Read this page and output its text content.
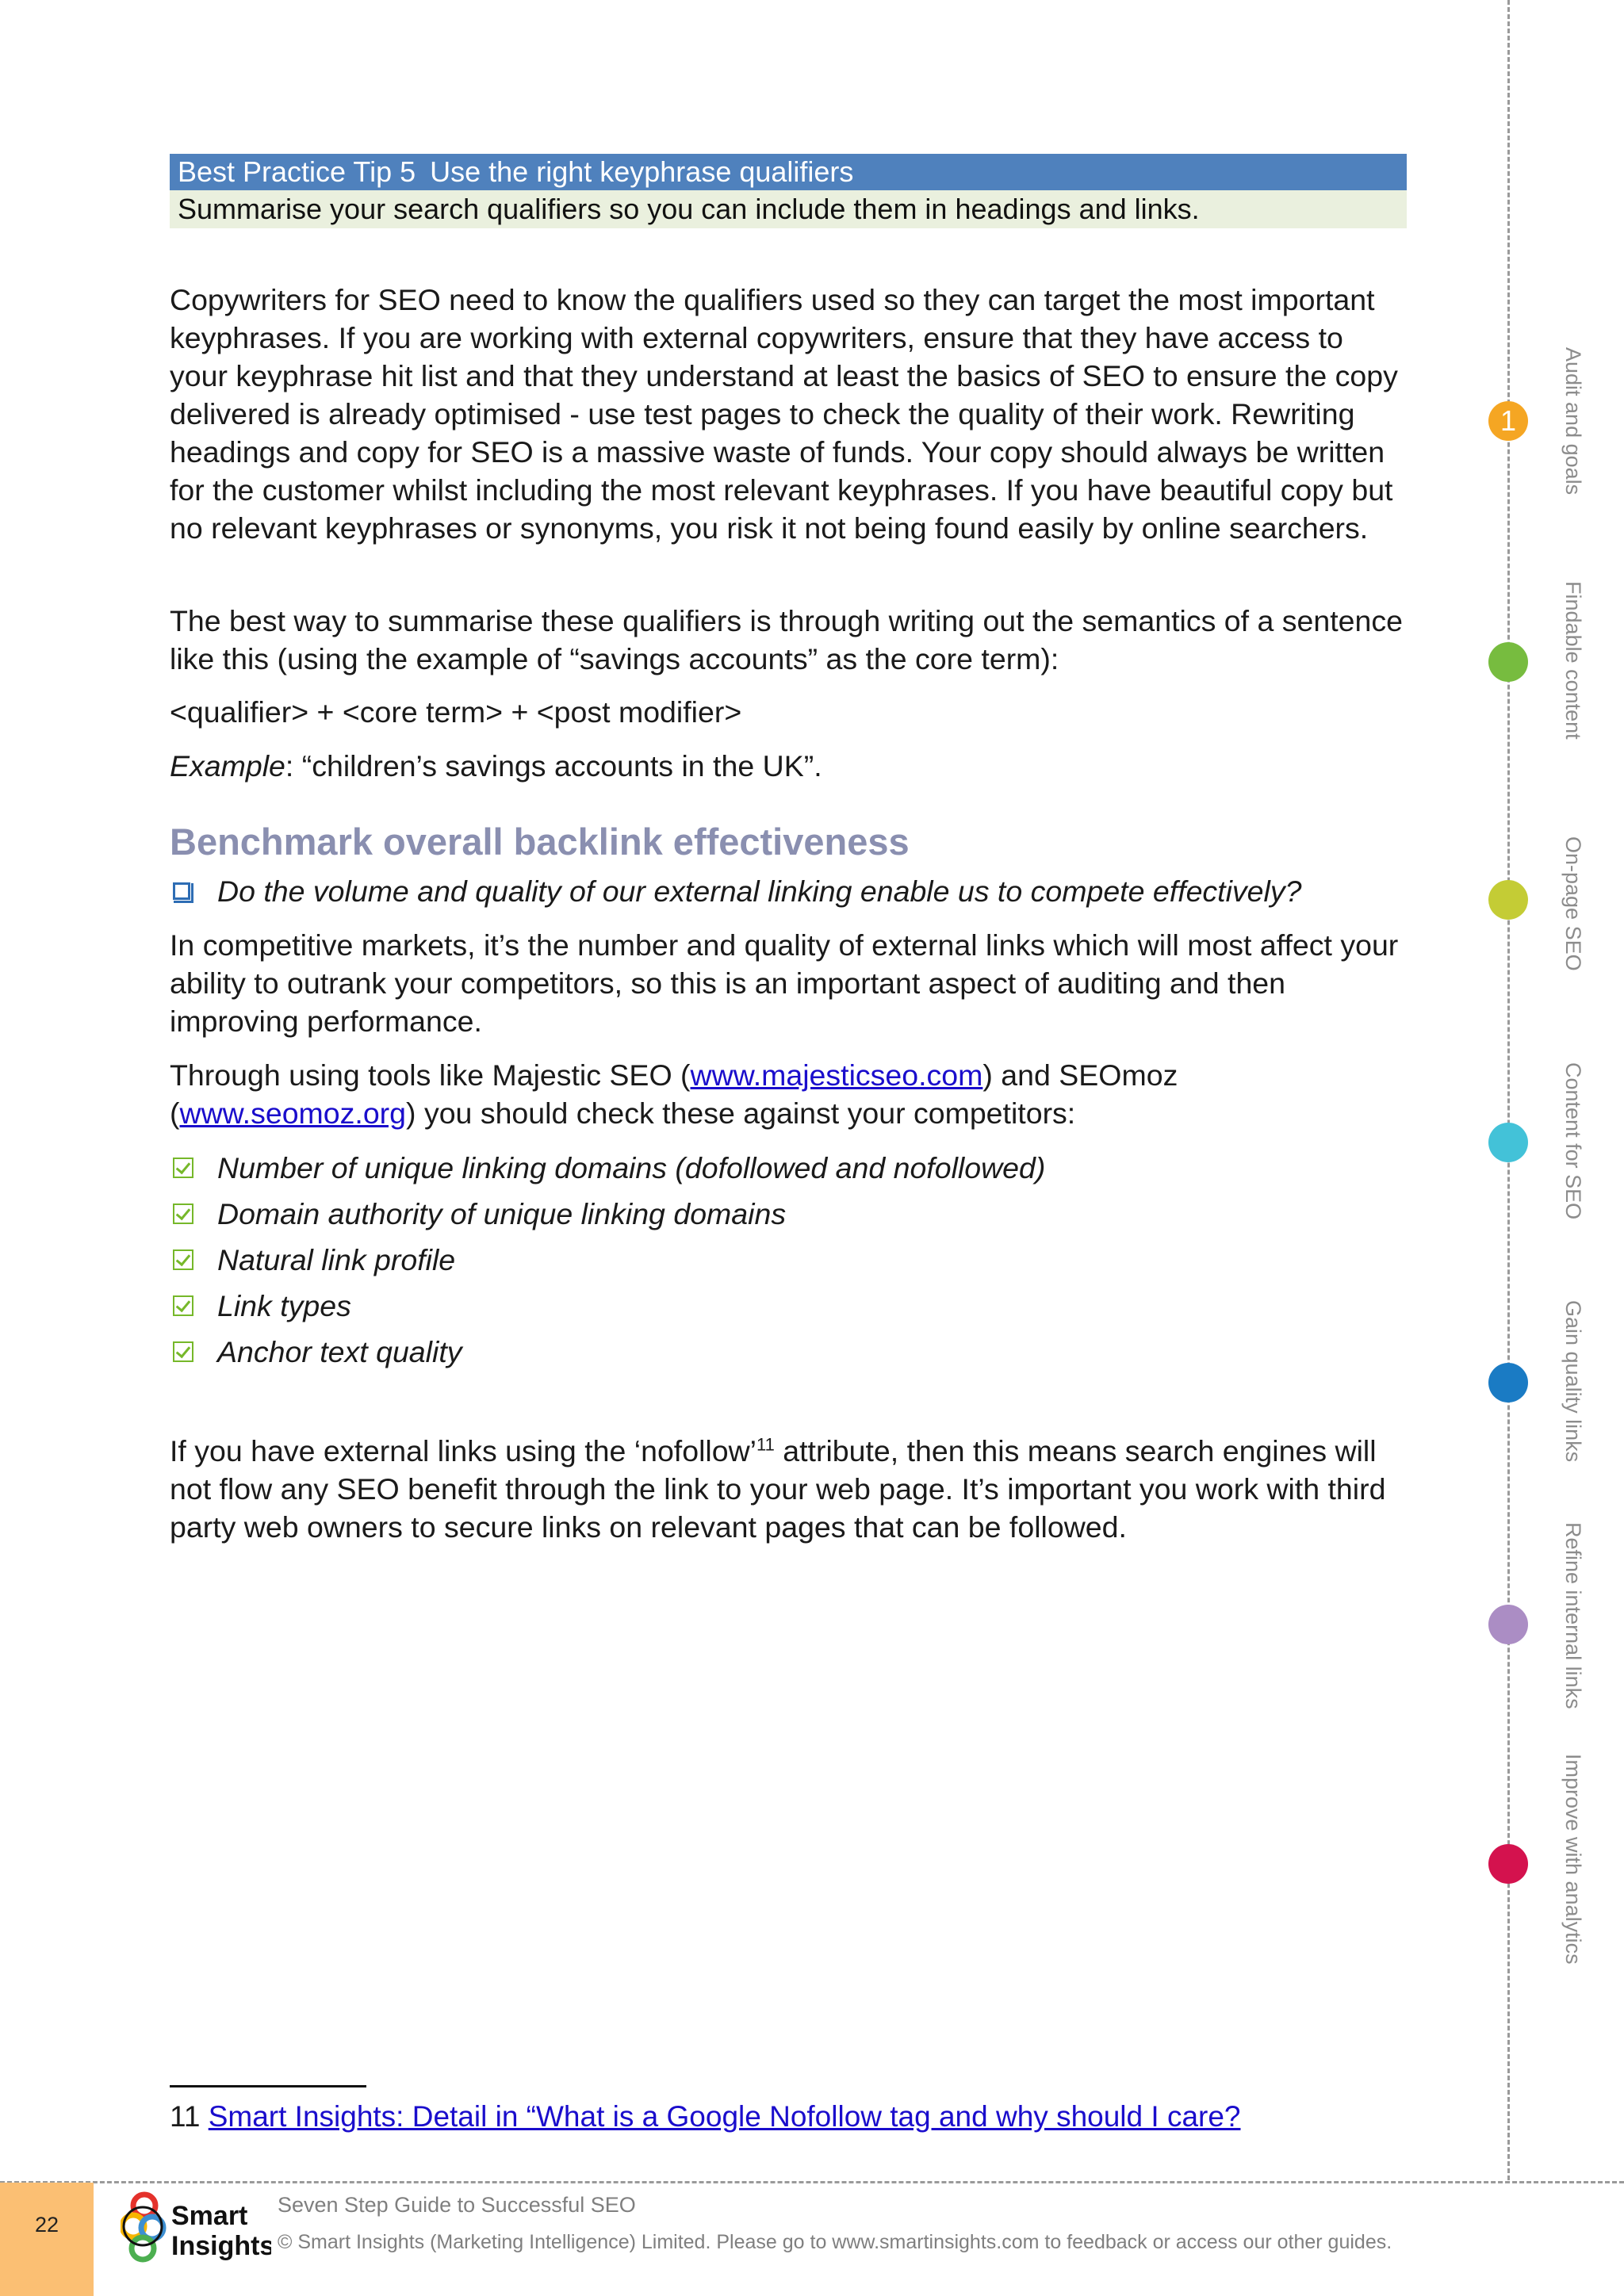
Best Practice Tip 5 Use the right keyphrase qualifiers
Summarise your search qualifiers so you can include them in headings and links.

Copywriters for SEO need to know the qualifiers used so they can target the most important keyphrases. If you are working with external copywriters, ensure that they have access to your keyphrase hit list and that they understand at least the basics of SEO to ensure the copy delivered is already optimised - use test pages to check the quality of their work. Rewriting headings and copy for SEO is a massive waste of funds. Your copy should always be written for the customer whilst including the most relevant keyphrases. If you have beautiful copy but no relevant keyphrases or synonyms, you risk it not being found easily by online searchers.

The best way to summarise these qualifiers is through writing out the semantics of a sentence like this (using the example of “savings accounts” as the core term):

<qualifier> + <core term> + <post modifier>

Example: “children’s savings accounts in the UK”.

Benchmark overall backlink effectiveness
Do the volume and quality of our external linking enable us to compete effectively?

In competitive markets, it’s the number and quality of external links which will most affect your ability to outrank your competitors, so this is an important aspect of auditing and then improving performance.

Through using tools like Majestic SEO (www.majesticseo.com) and SEOmoz (www.seomoz.org) you should check these against your competitors:

Number of unique linking domains (dofollowed and nofollowed)
Domain authority of unique linking domains
Natural link profile
Link types
Anchor text quality

If you have external links using the ‘nofollow’$^{11}$ attribute, then this means search engines will not flow any SEO benefit through the link to your web page. It’s important you work with third party web owners to secure links on relevant pages that can be followed.

11 Smart Insights: Detail in “What is a Google Nofollow tag and why should I care?
1	Audit and goals
Findable content
On-page SEO
Content for SEO
Gain quality links
Refine internal links
Improve with analytics
22	Smart
Insights
Seven Step Guide to Successful SEO
© Smart Insights (Marketing Intelligence) Limited. Please go to www.smartinsights.com to feedback or access our other guides.
